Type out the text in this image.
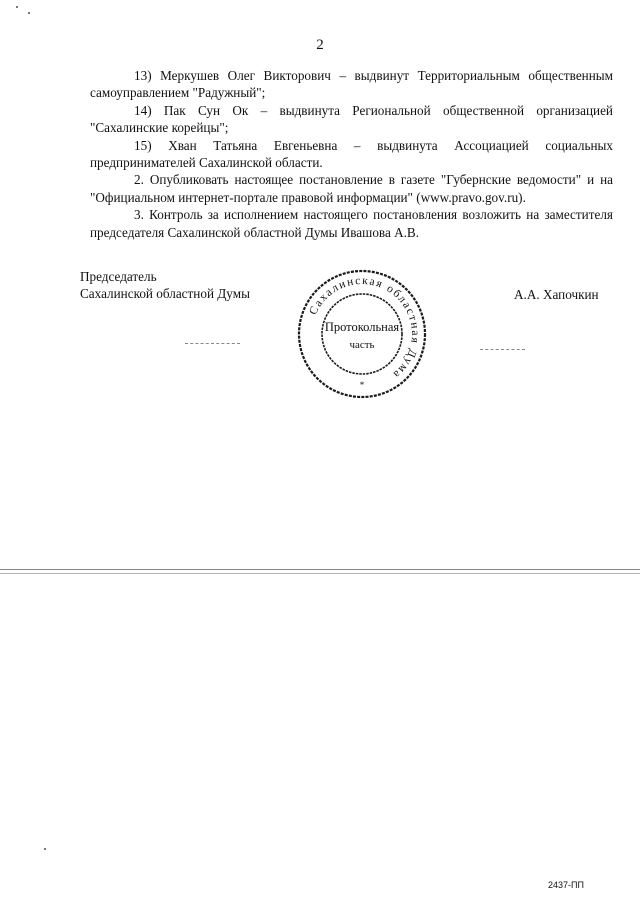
2

13) Меркушев Олег Викторович – выдвинут Территориальным общественным самоуправлением "Радужный";

14) Пак Сун Ок – выдвинута Региональной общественной организацией "Сахалинские корейцы";

15) Хван Татьяна Евгеньевна – выдвинута Ассоциацией социальных предпринимателей Сахалинской области.

2. Опубликовать настоящее постановление в газете "Губернские ведомости" и на "Официальном интернет-портале правовой информации" (www.pravo.gov.ru).

3. Контроль за исполнением настоящего постановления возложить на заместителя председателя Сахалинской областной Думы Ивашова А.В.

Председатель
Сахалинской областной Думы	А.А. Хапочкин
Сахалинская областная Дума
Протокольная
часть
*
2437-ПП
